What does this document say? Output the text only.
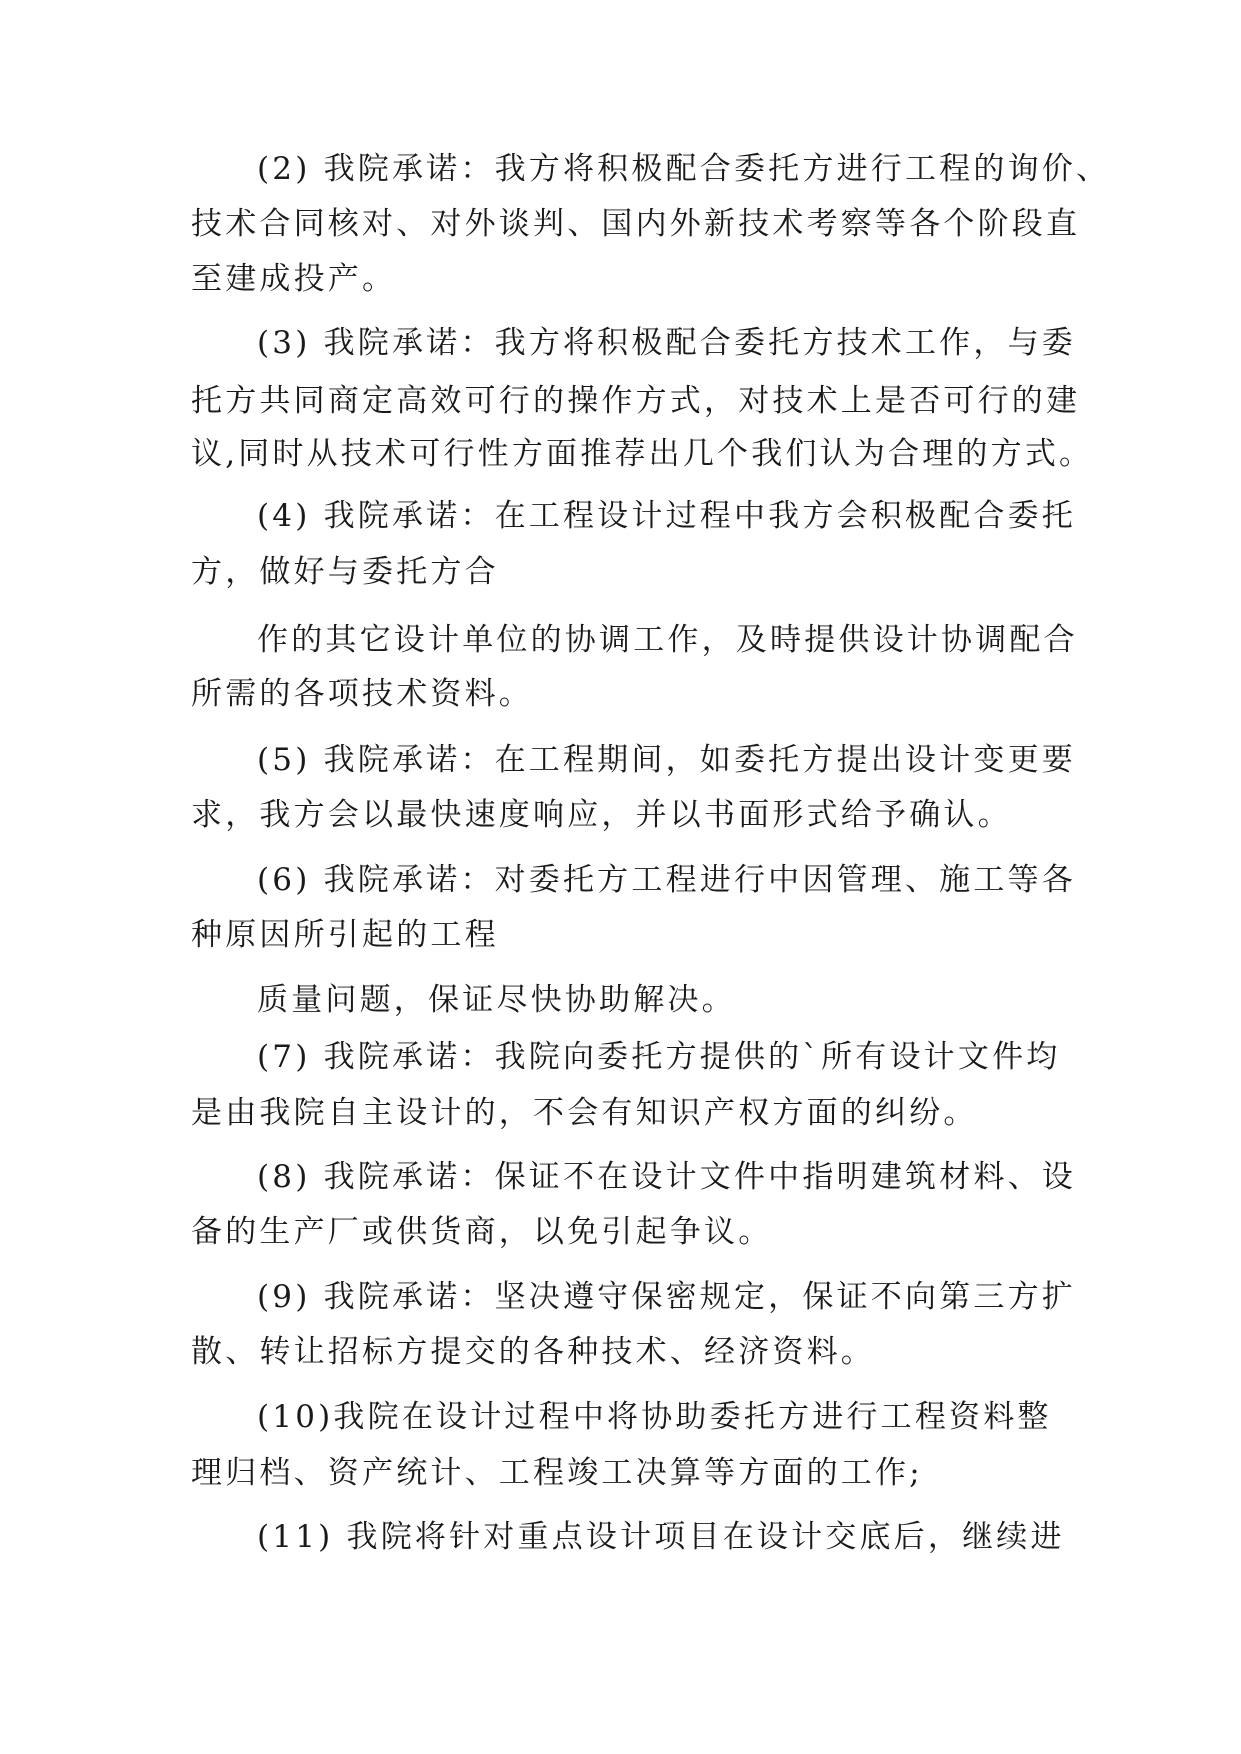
(2) 我院承诺：我方将积极配合委托方进行工程的询价、
技术合同核对、对外谈判、国内外新技术考察等各个阶段直
至建成投产。
(3) 我院承诺：我方将积极配合委托方技术工作，与委
托方共同商定高效可行的操作方式，对技术上是否可行的建
议,同时从技术可行性方面推荐出几个我们认为合理的方式。
(4) 我院承诺：在工程设计过程中我方会积极配合委托
方，做好与委托方合
作的其它设计单位的协调工作，及時提供设计协调配合
所需的各项技术资料。
(5) 我院承诺：在工程期间，如委托方提出设计变更要
求，我方会以最快速度响应，并以书面形式给予确认。
(6) 我院承诺：对委托方工程进行中因管理、施工等各
种原因所引起的工程
质量问题，保证尽快协助解决。
(7) 我院承诺：我院向委托方提供的`所有设计文件均
是由我院自主设计的，不会有知识产权方面的纠纷。
(8) 我院承诺：保证不在设计文件中指明建筑材料、设
备的生产厂或供货商，以免引起争议。
(9) 我院承诺：坚决遵守保密规定，保证不向第三方扩
散、转让招标方提交的各种技术、经济资料。
(10)我院在设计过程中将协助委托方进行工程资料整
理归档、资产统计、工程竣工决算等方面的工作;
(11) 我院将针对重点设计项目在设计交底后，继续进
